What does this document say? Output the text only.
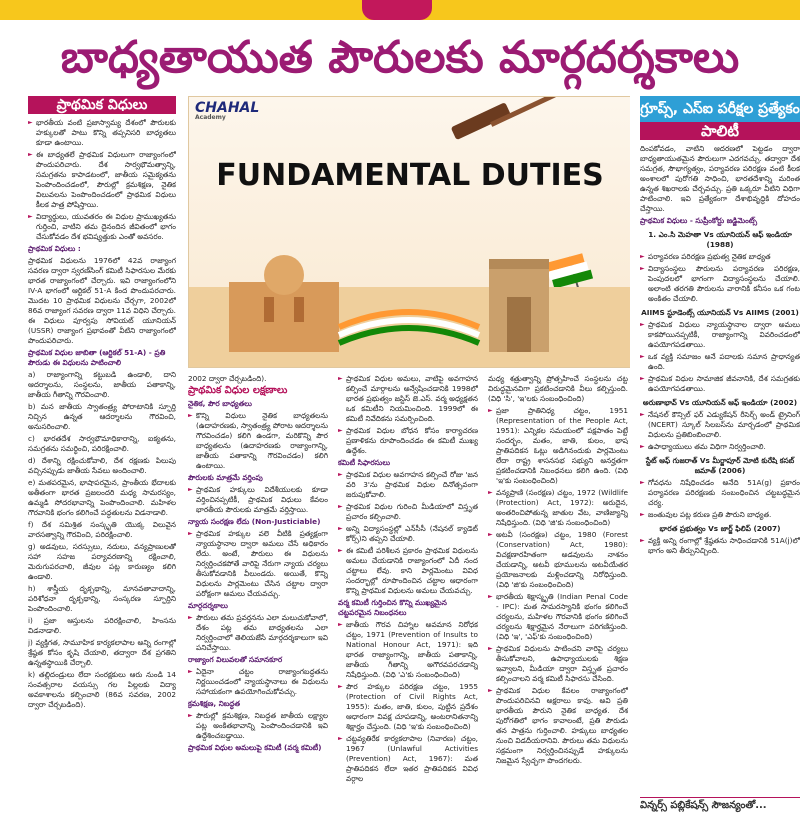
బాధ్యతాయుత పౌరులకు మార్గదర్శకాలు
ప్రాథమిక విధులు
► భారతీయ వంటి ప్రజాస్వామ్య దేశంలో పౌరులకు హక్కులతో పాటు కొన్ని తప్పనిసరి బాధ్యతలు కూడా ఉంటాయి.
► ఈ బాధ్యతలే ప్రాథమిక విధులుగా రాజ్యాంగంలో పొందుపరిచారు. దేశ సార్వభౌమత్వాన్ని, సమగ్రతను కాపాడటంలో, జాతీయ సమైక్యతను పెంపొందించడంలో, పౌరుల్లో క్రమశిక్షణ, నైతిక విలువలను పెంపొందించడంలో ప్రాథమిక విధులు కీలక పాత్ర పోషిస్తాయి.
► విద్యార్థులు, యువతరం ఈ విధుల ప్రాముఖ్యతను గుర్తించి, వాటిని తమ దైనందిన జీవితంలో భాగం చేసుకోవడం దేశ భవిష్యత్తుకు ఎంతో అవసరం.
ప్రాథమిక విధులు :
ప్రాథమిక విధులను 1976లో 42వ రాజ్యాంగ సవరణ ద్వారా స్వరణ్‌సింగ్ కమిటీ సిఫారసుల మేరకు భారత రాజ్యాంగంలో చేర్చారు. ఇవి రాజ్యాంగంలోని IV-A భాగంలో ఆర్టికల్ 51-A కింద పొందుపరచారు. మొదట 10 ప్రాథమిక విధులను చేర్చగా, 2002లో 86వ రాజ్యాంగ సవరణ ద్వారా 11వ విధిని చేర్చారు. ఈ విధులు పూర్వపు సోవియట్ యూనియన్ (USSR) రాజ్యాంగ ప్రభావంతో వీటిని రాజ్యాంగంలో పొందుపరిచారు.
ప్రాథమిక విధుల జాబితా (ఆర్టికల్ 51-A) - ప్రతి పౌరుడు ఈ విధులను పాటించాలి
a) రాజ్యాంగాన్ని కట్టుబడి ఉండాలి, దాని ఆదర్శాలను, సంస్థలను, జాతీయ పతాకాన్ని, జాతీయ గీతాన్ని గౌరవించాలి.
b) మన జాతీయ స్వాతంత్ర్య పోరాటానికి స్ఫూర్తి నిచ్చిన ఉన్నత ఆదర్శాలను గౌరవించి, అనుసరించాలి.
c) భారతదేశ సార్వభౌమాధికారాన్ని, ఐక్యతను, సమగ్రతను సమర్థించి, పరిరక్షించాలి.
d) దేశాన్ని రక్షించుకోవాలి, దేశ రక్షణకు పిలుపు వచ్చినప్పుడు జాతీయ సేవలు అందించాలి.
e) మతపరమైన, భాషాపరమైన, ప్రాంతీయ భేదాలకు అతీతంగా భారత ప్రజలందరి మధ్య సామరస్యం, ఉమ్మడి సోదరభావాన్ని పెంపొందించాలి. మహిళల గౌరవానికి భంగం కలిగించే పద్ధతులను విడనాడాలి.
f) దేశ సమిశ్రిత సంస్కృతి యొక్క విలువైన వారసత్వాన్ని గౌరవించి, పరిరక్షించాలి.
g) అడవులు, సరస్సులు, నదులు, వన్యప్రాణులతో సహా సహజ పర్యావరణాన్ని రక్షించాలి, మెరుగుపరచాలి, జీవుల పట్ల కారుణ్యం కలిగి ఉండాలి.
h) శాస్త్రీయ దృక్పథాన్ని, మానవతావాదాన్ని, పరిశోధనా దృక్పథాన్ని, సంస్కరణ స్ఫూర్తిని పెంపొందించాలి.
i) ప్రజా ఆస్తులను పరిరక్షించాలి, హింసను విడనాడాలి.
j) వ్యక్తిగత, సామూహిక కార్యకలాపాల అన్ని రంగాల్లో శ్రేష్ఠత కోసం కృషి చేయాలి, తద్వారా దేశ ప్రగతిని ఉన్నతస్థాయికి చేర్చాలి.
k) తల్లిదండ్రులు లేదా సంరక్షకులు ఆరు నుండి 14 సంవత్సరాల వయస్సు గల పిల్లలకు విద్యా అవకాశాలను కల్పించాలి (86వ సవరణ, 2002 ద్వారా చేర్చబడింది).
CHAHAL
Academy
FUNDAMENTAL DUTIES
2002 ద్వారా చేర్చబడింది).
ప్రాథమిక విధుల లక్షణాలు
నైతిక, పౌర బాధ్యతలు
► కొన్ని విధులు నైతిక బాధ్యతలను (ఉదాహరణకు, స్వాతంత్ర్య పోరాట ఆదర్శాలను గౌరవించడం) కలిగి ఉండగా, మరికొన్ని పౌర బాధ్యతలను (ఉదాహరణకు రాజ్యాంగాన్ని, జాతీయ పతాకాన్ని గౌరవించడం) కలిగి ఉంటాయి.
పౌరులకు మాత్రమే వర్తింపు
► ప్రాథమిక హక్కులు విదేశీయులకు కూడా వర్తించినప్పటికీ, ప్రాథమిక విధులు కేవలం భారతీయ పౌరులకు మాత్రమే వర్తిస్తాయి.
న్యాయ సంరక్షణ లేదు (Non-Justiciable)
► ప్రాథమిక హక్కుల వలె వీటికి ప్రత్యక్షంగా న్యాయస్థానాల ద్వారా అమలు చేసే అధికారం లేదు. అంటే, పౌరులు ఈ విధులను నిర్వర్తించకపోతే వారిపై నేరుగా న్యాయ చర్యలు తీసుకోవడానికి వీలుండదు. అయితే, కొన్ని విధులను పార్లమెంటు చేసిన చట్టాల ద్వారా పరోక్షంగా అమలు చేయవచ్చు.
మార్గదర్శకాలు
► పౌరులు తమ ప్రవర్తనను ఎలా మలుచుకోవాలో, దేశం పట్ల తమ బాధ్యతలను ఎలా నిర్వర్తించాలో తెలియజేసే మార్గదర్శకాలుగా ఇవి పనిచేస్తాయి.
రాజ్యాంగ విలువలతో సమానకూర
► ఏదైనా చట్టం రాజ్యాంగబద్ధతను నిర్ణయించడంలో న్యాయస్థానాలు ఈ విధులను సహాయకంగా ఉపయోగించుకోవచ్చు.
క్రమశిక్షణ, నిబద్ధత
► పౌరుల్లో క్రమశిక్షణ, నిబద్ధత జాతీయ లక్ష్యాల పట్ల అంకితభావాన్ని పెంపొందించడానికి ఇవి ఉద్దేశించబడ్డాయి.
ప్రాథమిక విధుల అమలుపై కమిటీ (వర్మ కమిటీ)
► ప్రాథమిక విధుల అమలు, వాటిపై అవగాహన కల్పించే మార్గాలను అన్వేషించడానికి 1998లో భారత ప్రభుత్వం జస్టిస్ జె.ఎస్. వర్మ అధ్యక్షతన ఒక కమిటీని నియమించింది. 1999లో ఈ కమిటీ నివేదికను సమర్పించింది.
► ప్రాథమిక విధుల బోధన కోసం కార్యాచరణ ప్రణాళికను రూపొందించడం ఈ కమిటీ ముఖ్య ఉద్దేశం.
కమిటీ సిఫారసులు
► ప్రాథమిక విధుల అవగాహన కల్పించే రోజు 'జన వరి 3'ను ప్రాథమిక విధుల దినోత్సవంగా జరుపుకోవాలి.
► ప్రాథమిక విధుల గురించి మీడియాలో విస్తృత ప్రచారం కల్పించాలి.
► అన్ని విద్యాసంస్థల్లో ఎన్‌సీసీ (నేషనల్ క్యాడెట్ కోర్స్)ని తప్పని చేయాలి.
► ఈ కమిటీ పరిశీలన ప్రకారం ప్రాథమిక విధులను అమలు చేయడానికి రాజ్యాంగంలో ఏదీ నంద చట్టాలు లేవు. కాని పార్లమెంటు వివిధ సందర్భాల్లో రూపొందించిన చట్టాల ఆధారంగా కొన్ని ప్రాథమిక విధులను అమలు చేయవచ్చు.
వర్మ కమిటీ గుర్తించిన కొన్ని ముఖ్యమైన చట్టపరమైన నిబంధనలు
► జాతీయ గౌరవ చిహ్నాల అవమాన నిరోధక చట్టం, 1971 (Prevention of Insults to National Honour Act, 1971): ఇది భారత రాజ్యాంగాన్ని, జాతీయ పతాకాన్ని, జాతీయ గీతాన్ని అగౌరవపరచడాన్ని నిషేధిస్తుంది. (విధి 'ఎ'కు సంబంధించింది)
► పౌర హక్కుల పరిరక్షణ చట్టం, 1955 (Protection of Civil Rights Act, 1955): మతం, జాతి, కులం, పుట్టిన ప్రదేశం ఆధారంగా వివక్ష చూపడాన్ని, అంటరానితనాన్ని శిక్షార్హం చేస్తుంది. (విధి 'ఇ'కు సంబంధించింది)
► చట్టవ్యతిరేక కార్యకలాపాల (నివారణ) చట్టం, 1967 (Unlawful Activities (Prevention) Act, 1967): మత ప్రాతిపదికన లేదా ఇతర ప్రాతిపదికన వివిధ వర్గాల
మధ్య శత్రుత్వాన్ని ప్రోత్సహించే సంస్థలను చట్ట విరుద్ధమైనవిగా ప్రకటించడానికి వీలు కల్పిస్తుంది. (విధి 'సి', 'ఇ'లకు సంబంధించింది)
► ప్రజా ప్రాతినిధ్య చట్టం, 1951 (Representation of the People Act, 1951): ఎన్నికల సమయంలో పక్షపాతం పెట్టే సందర్భం, మతం, జాతి, కులం, భాష ప్రాతిపదికన ఓట్లు అడిగినందుకు పార్లమెంటు లేదా రాష్ట్ర శాసనసభ సభ్యుని అనర్హతగా ప్రకటించడానికి నిబంధనలు కలిగి ఉంది. (విధి 'ఇ'కు సంబంధించింది)
► వన్యప్రాణి (సంరక్షణ) చట్టం, 1972 (Wildlife (Protection) Act, 1972): అరుదైన, అంతరించిపోతున్న జాతుల వేట, వాణిజ్యాన్ని నిషేధిస్తుంది. (విధి 'జి'కు సంబంధించింది)
► అటవీ (సంరక్షణ) చట్టం, 1980 (Forest (Conservation) Act, 1980): విచక్షణారహితంగా అడవులను నాశనం చేయడాన్ని, అటవీ భూములను అటవీయేతర ప్రయోజనాలకు మళ్లించడాన్ని నిరోధిస్తుంది. (విధి 'జి'కు సంబంధించింది)
► భారతీయ శిక్షాస్మృతి (Indian Penal Code - IPC): మత సామరస్యానికి భంగం కలిగించే చర్యలను, మహిళల గౌరవానికి భంగం కలిగించే చర్యలను శిక్షార్హమైన నేరాలుగా పరిగణిస్తుంది. (విధి 'ఇ', 'ఎఫ్'కు సంబంధించింది)
► ప్రాథమిక విధులను పాటించని వారిపై చర్యలు తీసుకోవాలని, ఉపాధ్యాయులకు శిక్షణ ఇవ్వాలని, మీడియా ద్వారా విస్తృత ప్రచారం కల్పించాలని వర్మ కమిటీ సిఫారసు చేసింది.
► ప్రాథమిక విధుల కేవలం రాజ్యాంగంలో పొందుపరిచినవి అక్షరాలు కావు. అవి ప్రతి భారతీయ పౌరుని నైతిక బాధ్యత. దేశ పురోగతిలో భాగం కావాలంటే, ప్రతి పౌరుడు తన పాత్రను గుర్తించాలి. హక్కులు బాధ్యతల నుంచి విడదీయరానివి. పౌరులు తమ విధులను సక్రమంగా నిర్వర్తించినప్పుడే హక్కులను నిజమైన స్వేచ్ఛగా పొందగలరు.
గ్రూప్స్, ఎస్ఐ పరీక్షల ప్రత్యేకం
పాలిటీ
దింపకోవడం, వాటిని ఆదరణలో పెట్టడం ద్వారా బాధ్యతాయుతమైన పౌరులుగా ఎదగవచ్చు. తద్వారా దేశ సమగ్రత, సౌభాగ్యత్వం, పర్యావరణ పరిరక్షణ వంటి కీలక అంశాలలో పురోగతి సాధించి, భారతదేశాన్ని మరింత ఉన్నత శిఖరాలకు చేర్చవచ్చు. ప్రతి ఒక్కరూ వీటిని విధిగా పాటించాలి. ఇవి ప్రత్యేకంగా దేశాభివృద్ధికి దోహదం చేస్తాయి.
ప్రాథమిక విధులు - సుప్రీంకోర్టు జడ్జిమెంట్స్
1. ఎం.సి మెహతా Vs యూనియన్ ఆఫ్ ఇండియా (1988)
► పర్యావరణ పరిరక్షణ ప్రభుత్వ నైతిక బాధ్యత
► విద్యాసంస్థలు పౌరులను పర్యావరణ పరిరక్షణ, పెంపుదలలో భాగంగా విద్యాసంస్థలను చేయాలి. అలాంటి తరగతి పౌరులను వారానికి కనీసం ఒక గంట అంకితం చేయాలి.
AIIMS స్టూడెంట్స్ యూనియన్ Vs AIIMS (2001)
► ప్రాథమిక విధులు న్యాయస్థానాల ద్వారా అమలు కాకపోయినప్పటికీ, రాజ్యాంగాన్ని వివరించడంలో ఉపయోగపడతాయి.
► ఒక వ్యక్తి సమాజం అనే పదాలకు సమాన ప్రాధాన్యత ఉంది.
► ప్రాథమిక విధుల సామాజిక జీవనానికి, దేశ సమగ్రతకు ఉపయోగపడతాయి.
అరుణాభావ్ Vs యూనియన్ ఆఫ్ ఇండియా (2002)
► నేషనల్ కౌన్సిల్ ఫర్ ఎడ్యుకేషన్ రీసెర్చ్ అండ్ ట్రైనింగ్ (NCERT) స్కూల్ సిలబస్‌ను మార్చడంలో ప్రాథమిక విధులను ప్రతిబింబించాలి.
► ఉపాధ్యాయులు తమ విధిగా నిర్వర్తించాలి.
స్టేట్ ఆఫ్ గుజరాత్ Vs మీర్జాపూర్ మోటి కురేషి కసబ్ జమాత్ (2006)
► గోవధను నిషేధించడం అనేది 51A(g) ప్రకారం పర్యావరణ పరిరక్షణకు సంబంధించిన చట్టబద్ధమైన చర్య.
► జంతువుల పట్ల కరుణ ప్రతి పౌరుని బాధ్యత.
భారత ప్రభుత్వం Vs జార్జ్ ఫిలిప్ (2007)
► వ్యక్తి అన్ని రంగాల్లో శ్రేష్ఠతను సాధించడానికి 51A(j)లో భాగం అని తీర్పునిచ్చింది.
విన్నర్స్ పబ్లికేషన్స్ సౌజన్యంతో...
